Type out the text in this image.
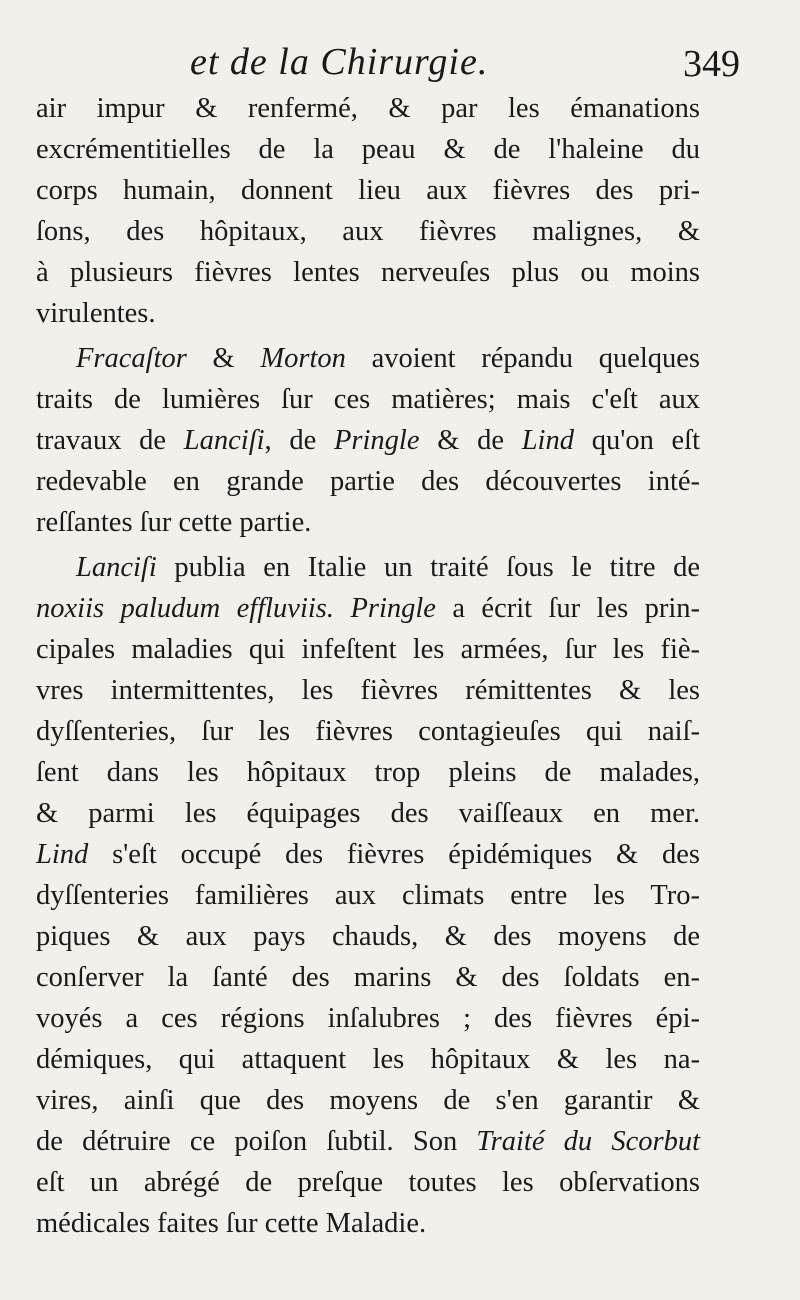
et de la Chirurgie.	349
air impur & renfermé, & par les émanations
excrémentitielles de la peau & de l'haleine du
corps humain, donnent lieu aux fièvres des pri-
ſons, des hôpitaux, aux fièvres malignes, &
à plusieurs fièvres lentes nerveuſes plus ou moins
virulentes.
Fracaſtor & Morton avoient répandu quelques
traits de lumières ſur ces matières; mais c'eſt aux
travaux de Lanciſi, de Pringle & de Lind qu'on eſt
redevable en grande partie des découvertes inté-
reſſantes ſur cette partie.
Lanciſi publia en Italie un traité ſous le titre de
noxiis paludum effluviis. Pringle a écrit ſur les prin-
cipales maladies qui infeſtent les armées, ſur les fiè-
vres intermittentes, les fièvres rémittentes & les
dyſſenteries, ſur les fièvres contagieuſes qui naiſ-
ſent dans les hôpitaux trop pleins de malades,
& parmi les équipages des vaiſſeaux en mer.
Lind s'eſt occupé des fièvres épidémiques & des
dyſſenteries familières aux climats entre les Tro-
piques & aux pays chauds, & des moyens de
conſerver la ſanté des marins & des ſoldats en-
voyés a ces régions inſalubres ; des fièvres épi-
démiques, qui attaquent les hôpitaux & les na-
vires, ainſi que des moyens de s'en garantir &
de détruire ce poiſon ſubtil. Son Traité du Scorbut
eſt un abrégé de preſque toutes les obſervations
médicales faites ſur cette Maladie.
